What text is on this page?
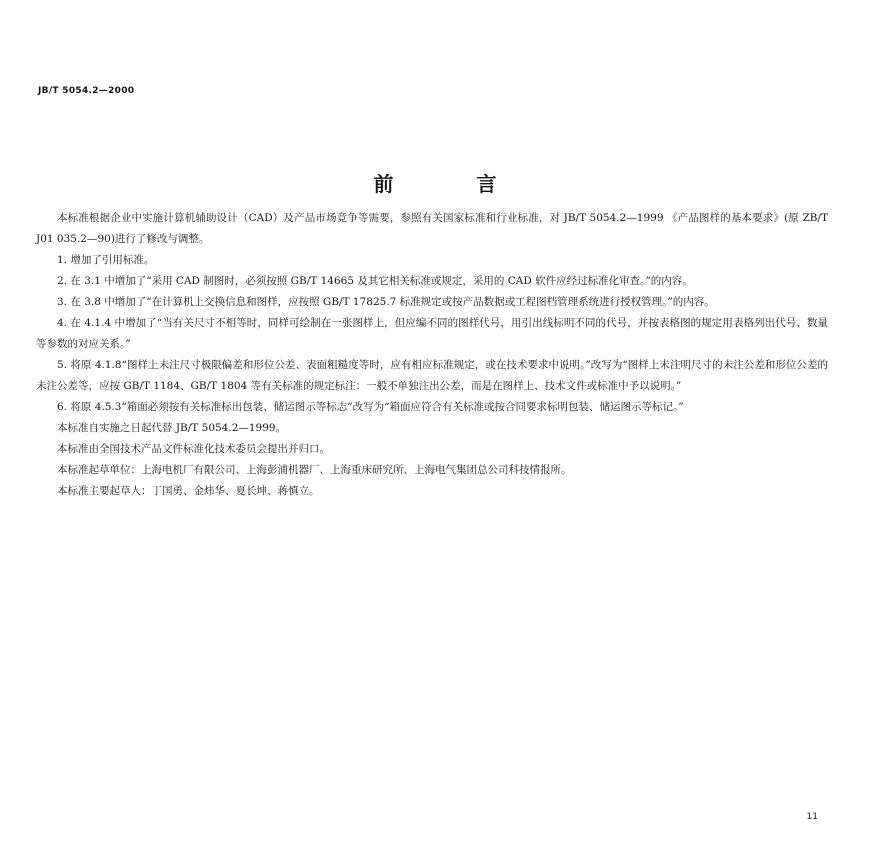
JB/T 5054.2—2000
前 言

本标准根据企业中实施计算机辅助设计（CAD）及产品市场竞争等需要，参照有关国家标准和行业标准，对 JB/T 5054.2—1999 《产品图样的基本要求》(原 ZB/T J01 035.2—90)进行了修改与调整。

1. 增加了引用标准。

2. 在 3.1 中增加了“采用 CAD 制图时，必须按照 GB/T 14665 及其它相关标准或规定，采用的 CAD 软件应经过标准化审查。”的内容。

3. 在 3.8 中增加了“在计算机上交换信息和图样，应按照 GB/T 17825.7 标准规定或按产品数据或工程图档管理系统进行授权管理。”的内容。

4. 在 4.1.4 中增加了“当有关尺寸不相等时，同样可绘制在一张图样上，但应编不同的图样代号，用引出线标明不同的代号，并按表格图的规定用表格列出代号、数量等参数的对应关系。”

5. 将原 4.1.8“图样上未注尺寸极限偏差和形位公差、表面粗糙度等时，应有相应标准规定，或在技术要求中说明。”改写为“图样上未注明尺寸的未注公差和形位公差的未注公差等，应按 GB/T 1184、GB/T 1804 等有关标准的规定标注：一般不单独注出公差，而是在图样上、技术文件或标准中予以说明。”

6. 将原 4.5.3“箱面必须按有关标准标出包装、储运图示等标志”改写为“箱面应符合有关标准或按合同要求标明包装、储运图示等标记。”

本标准自实施之日起代替 JB/T 5054.2—1999。

本标准由全国技术产品文件标准化技术委员会提出并归口。

本标准起草单位：上海电机厂有限公司、上海彭浦机器厂、上海重床研究所、上海电气集团总公司科技情报所。

本标准主要起草人：丁国勇、金炜华、夏长坤、蒋慎立。

11
